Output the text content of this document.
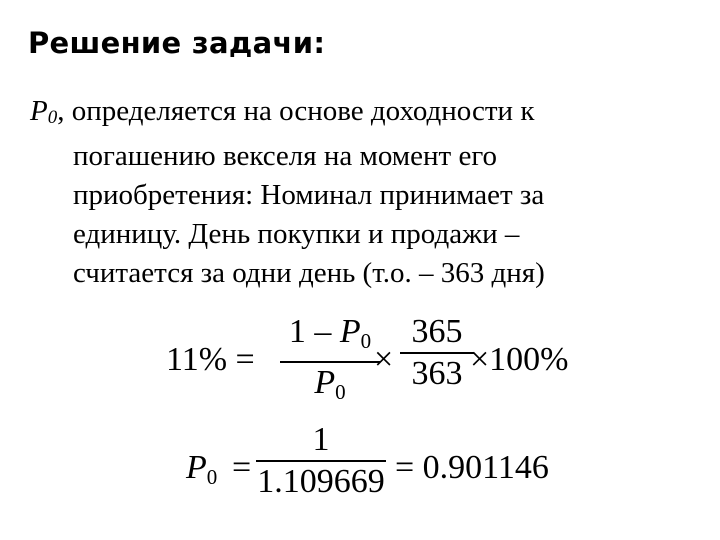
Решение задачи:
$P_0$, определяется на основе доходности к
погашению векселя на момент его
приобретения: Номинал принимает за
единицу. День покупки и продажи –
считается за одни день (т.о. – 363 дня)
11% =
1 – P0
P0
×
365
363 ×100%
P0 =
1
1.109669 = 0.901146
